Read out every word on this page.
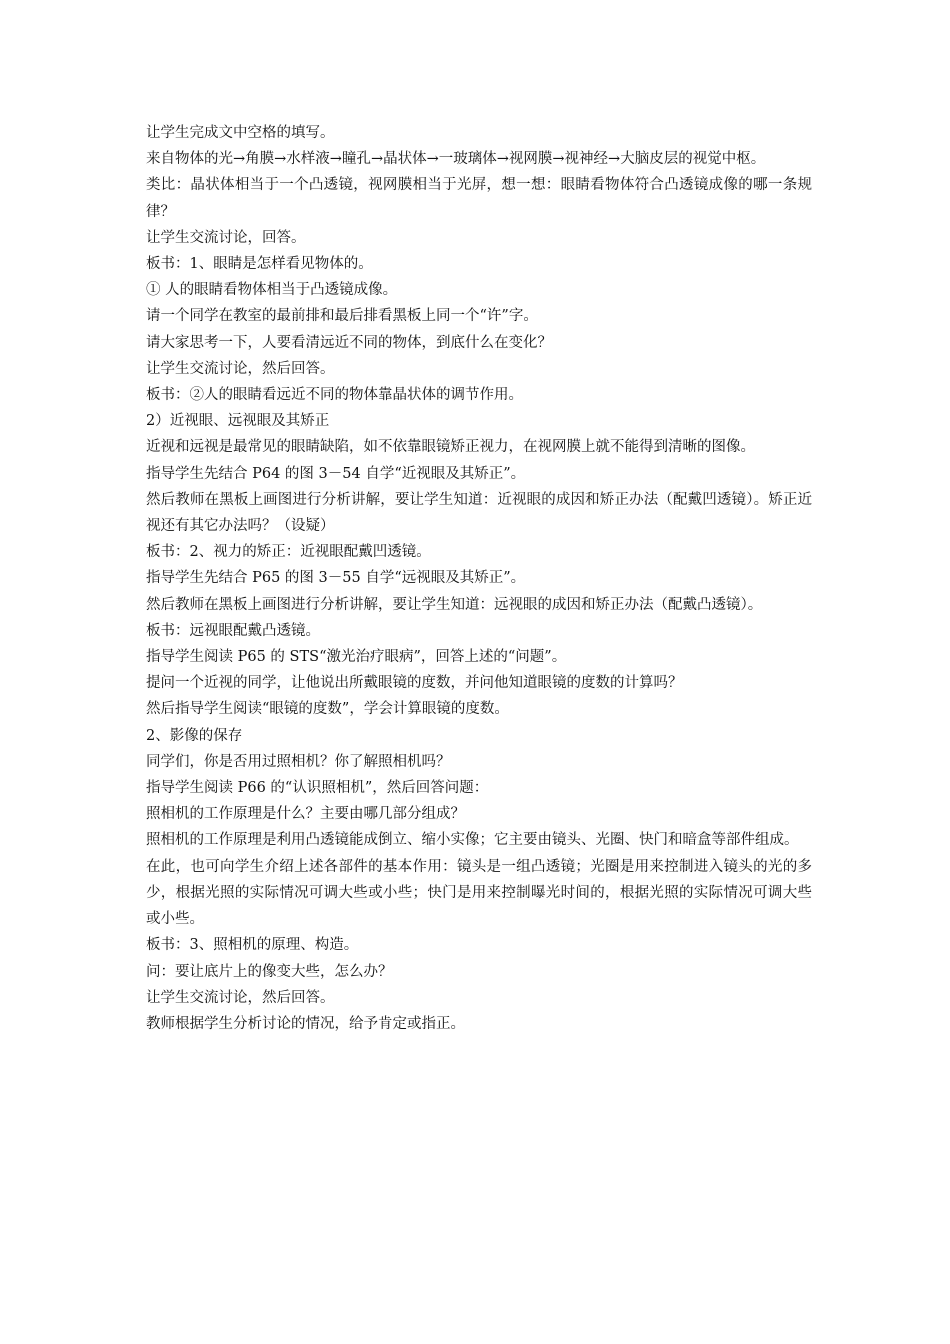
让学生完成文中空格的填写。

来自物体的光→角膜→水样液→瞳孔→晶状体→一玻璃体→视网膜→视神经→大脑皮层的视觉中枢。

类比：晶状体相当于一个凸透镜，视网膜相当于光屏，想一想：眼睛看物体符合凸透镜成像的哪一条规律？

让学生交流讨论，回答。

板书：1、眼睛是怎样看见物体的。

① 人的眼睛看物体相当于凸透镜成像。

请一个同学在教室的最前排和最后排看黑板上同一个“许”字。

请大家思考一下，人要看清远近不同的物体，到底什么在变化？

让学生交流讨论，然后回答。

板书：②人的眼睛看远近不同的物体靠晶状体的调节作用。

2）近视眼、远视眼及其矫正

近视和远视是最常见的眼睛缺陷，如不依靠眼镜矫正视力，在视网膜上就不能得到清晰的图像。

指导学生先结合 P64 的图 3－54 自学“近视眼及其矫正”。

然后教师在黑板上画图进行分析讲解，要让学生知道：近视眼的成因和矫正办法（配戴凹透镜）。矫正近视还有其它办法吗？（设疑）

板书：2、视力的矫正：近视眼配戴凹透镜。

指导学生先结合 P65 的图 3－55 自学“远视眼及其矫正”。

然后教师在黑板上画图进行分析讲解，要让学生知道：远视眼的成因和矫正办法（配戴凸透镜）。

板书：远视眼配戴凸透镜。

指导学生阅读 P65 的 STS“激光治疗眼病”，回答上述的“问题”。

提问一个近视的同学，让他说出所戴眼镜的度数，并问他知道眼镜的度数的计算吗？

然后指导学生阅读“眼镜的度数”，学会计算眼镜的度数。

2、影像的保存

同学们，你是否用过照相机？你了解照相机吗？

指导学生阅读 P66 的“认识照相机”，然后回答问题：

照相机的工作原理是什么？主要由哪几部分组成？

照相机的工作原理是利用凸透镜能成倒立、缩小实像；它主要由镜头、光圈、快门和暗盒等部件组成。

在此，也可向学生介绍上述各部件的基本作用：镜头是一组凸透镜；光圈是用来控制进入镜头的光的多少，根据光照的实际情况可调大些或小些；快门是用来控制曝光时间的，根据光照的实际情况可调大些或小些。

板书：3、照相机的原理、构造。

问：要让底片上的像变大些，怎么办？

让学生交流讨论，然后回答。

教师根据学生分析讨论的情况，给予肯定或指正。
